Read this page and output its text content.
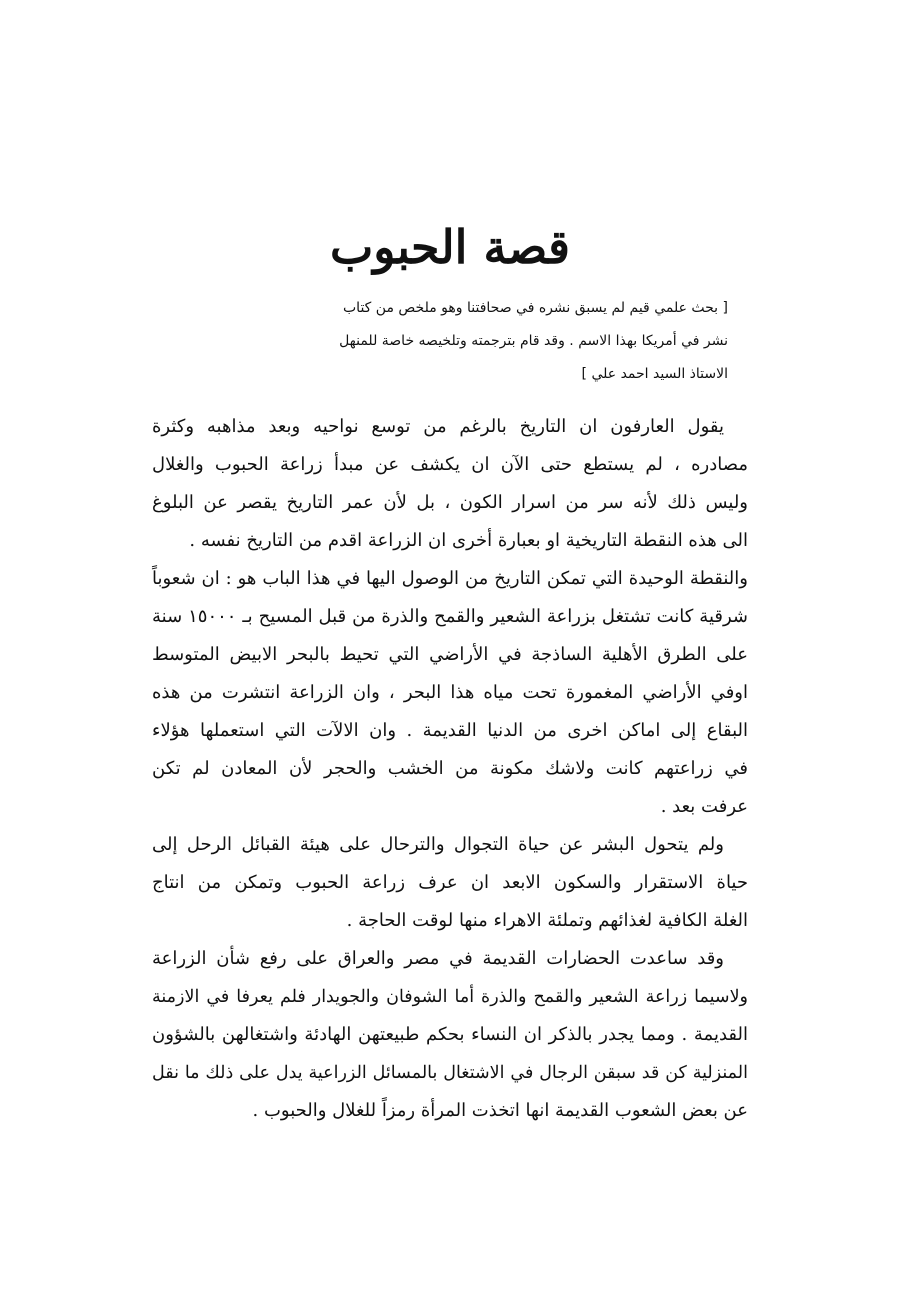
قصة الحبوب
[ بحث علمي قيم لم يسبق نشره في صحافتنا وهو ملخص من كتاب
نشر في أمريكا بهذا الاسم . وقد قام بترجمته وتلخيصه خاصة للمنهل
الاستاذ السيد احمد علي ]
يقول العارفون ان التاريخ بالرغم من توسع نواحيه وبعد مذاهبه وكثرة
مصادره ، لم يستطع حتى الآن ان يكشف عن مبدأ زراعة الحبوب والغلال
وليس ذلك لأنه سر من اسرار الكون ، بل لأن عمر التاريخ يقصر عن البلوغ
الى هذه النقطة التاريخية او بعبارة أخرى ان الزراعة اقدم من التاريخ نفسه .
والنقطة الوحيدة التي تمكن التاريخ من الوصول اليها في هذا الباب هو : ان شعوباً
شرقية كانت تشتغل بزراعة الشعير والقمح والذرة من قبل المسيح بـ ١٥٠٠٠ سنة
على الطرق الأهلية الساذجة في الأراضي التي تحيط بالبحر الابيض المتوسط
اوفي الأراضي المغمورة تحت مياه هذا البحر ، وان الزراعة انتشرت من هذه
البقاع إلى اماكن اخرى من الدنيا القديمة . وان الالآت التي استعملها هؤلاء
في زراعتهم كانت ولاشك مكونة من الخشب والحجر لأن المعادن لم تكن
عرفت بعد .
ولم يتحول البشر عن حياة التجوال والترحال على هيئة القبائل الرحل إلى
حياة الاستقرار والسكون الابعد ان عرف زراعة الحبوب وتمكن من انتاج
الغلة الكافية لغذائهم وتملئة الاهراء منها لوقت الحاجة .
وقد ساعدت الحضارات القديمة في مصر والعراق على رفع شأن الزراعة
ولاسيما زراعة الشعير والقمح والذرة أما الشوفان والجويدار فلم يعرفا في الازمنة
القديمة . ومما يجدر بالذكر ان النساء بحكم طبيعتهن الهادئة واشتغالهن بالشؤون
المنزلية كن قد سبقن الرجال في الاشتغال بالمسائل الزراعية يدل على ذلك ما نقل
عن بعض الشعوب القديمة انها اتخذت المرأة رمزاً للغلال والحبوب .
